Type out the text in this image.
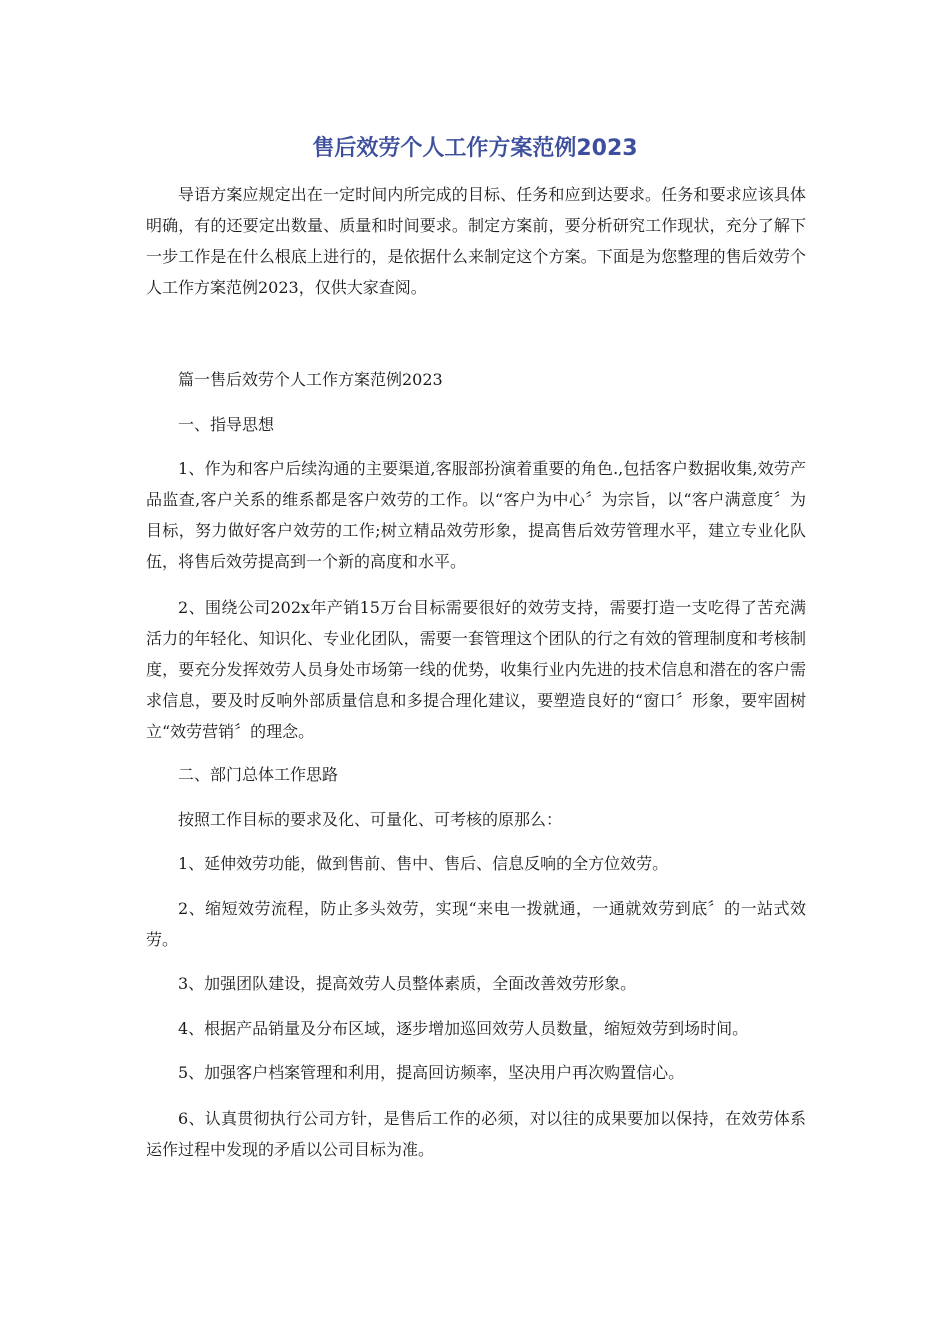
售后效劳个人工作方案范例2023

导语方案应规定出在一定时间内所完成的目标、任务和应到达要求。任务和要求应该具体明确，有的还要定出数量、质量和时间要求。制定方案前，要分析研究工作现状，充分了解下一步工作是在什么根底上进行的，是依据什么来制定这个方案。下面是为您整理的售后效劳个人工作方案范例2023，仅供大家查阅。

篇一售后效劳个人工作方案范例2023

一、指导思想

1、作为和客户后续沟通的主要渠道,客服部扮演着重要的角色.,包括客户数据收集,效劳产品监查,客户关系的维系都是客户效劳的工作。以“客户为中心〞为宗旨，以“客户满意度〞为目标，努力做好客户效劳的工作;树立精品效劳形象，提高售后效劳管理水平，建立专业化队伍，将售后效劳提高到一个新的高度和水平。

2、围绕公司202x年产销15万台目标需要很好的效劳支持，需要打造一支吃得了苦充满活力的年轻化、知识化、专业化团队，需要一套管理这个团队的行之有效的管理制度和考核制度，要充分发挥效劳人员身处市场第一线的优势，收集行业内先进的技术信息和潜在的客户需求信息，要及时反响外部质量信息和多提合理化建议，要塑造良好的“窗口〞形象，要牢固树立“效劳营销〞的理念。

二、部门总体工作思路

按照工作目标的要求及化、可量化、可考核的原那么：

1、延伸效劳功能，做到售前、售中、售后、信息反响的全方位效劳。

2、缩短效劳流程，防止多头效劳，实现“来电一拨就通，一通就效劳到底〞的一站式效劳。

3、加强团队建设，提高效劳人员整体素质，全面改善效劳形象。

4、根据产品销量及分布区域，逐步增加巡回效劳人员数量，缩短效劳到场时间。

5、加强客户档案管理和利用，提高回访频率，坚决用户再次购置信心。

6、认真贯彻执行公司方针，是售后工作的必须，对以往的成果要加以保持，在效劳体系运作过程中发现的矛盾以公司目标为准。
